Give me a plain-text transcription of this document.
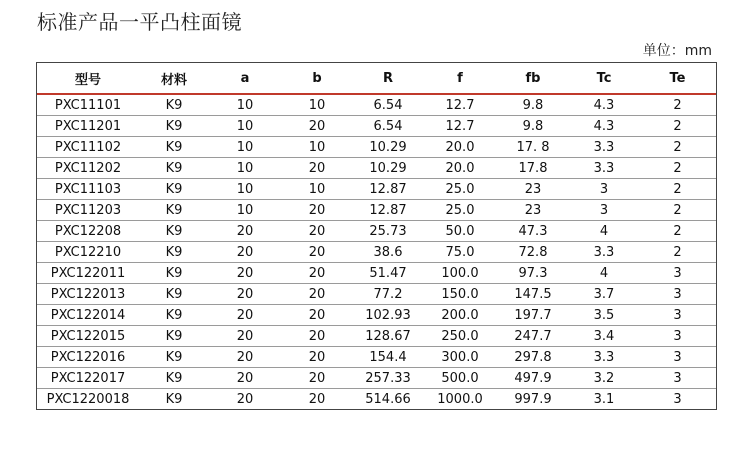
标准产品一平凸柱面镜
单位：mm
型号	材料	a	b	R	f	fb	Tc	Te
PXC11101	K9	10	10	6.54	12.7	9.8	4.3	2
PXC11201	K9	10	20	6.54	12.7	9.8	4.3	2
PXC11102	K9	10	10	10.29	20.0	17. 8	3.3	2
PXC11202	K9	10	20	10.29	20.0	17.8	3.3	2
PXC11103	K9	10	10	12.87	25.0	23	3	2
PXC11203	K9	10	20	12.87	25.0	23	3	2
PXC12208	K9	20	20	25.73	50.0	47.3	4	2
PXC12210	K9	20	20	38.6	75.0	72.8	3.3	2
PXC122011	K9	20	20	51.47	100.0	97.3	4	3
PXC122013	K9	20	20	77.2	150.0	147.5	3.7	3
PXC122014	K9	20	20	102.93	200.0	197.7	3.5	3
PXC122015	K9	20	20	128.67	250.0	247.7	3.4	3
PXC122016	K9	20	20	154.4	300.0	297.8	3.3	3
PXC122017	K9	20	20	257.33	500.0	497.9	3.2	3
PXC1220018	K9	20	20	514.66	1000.0	997.9	3.1	3
